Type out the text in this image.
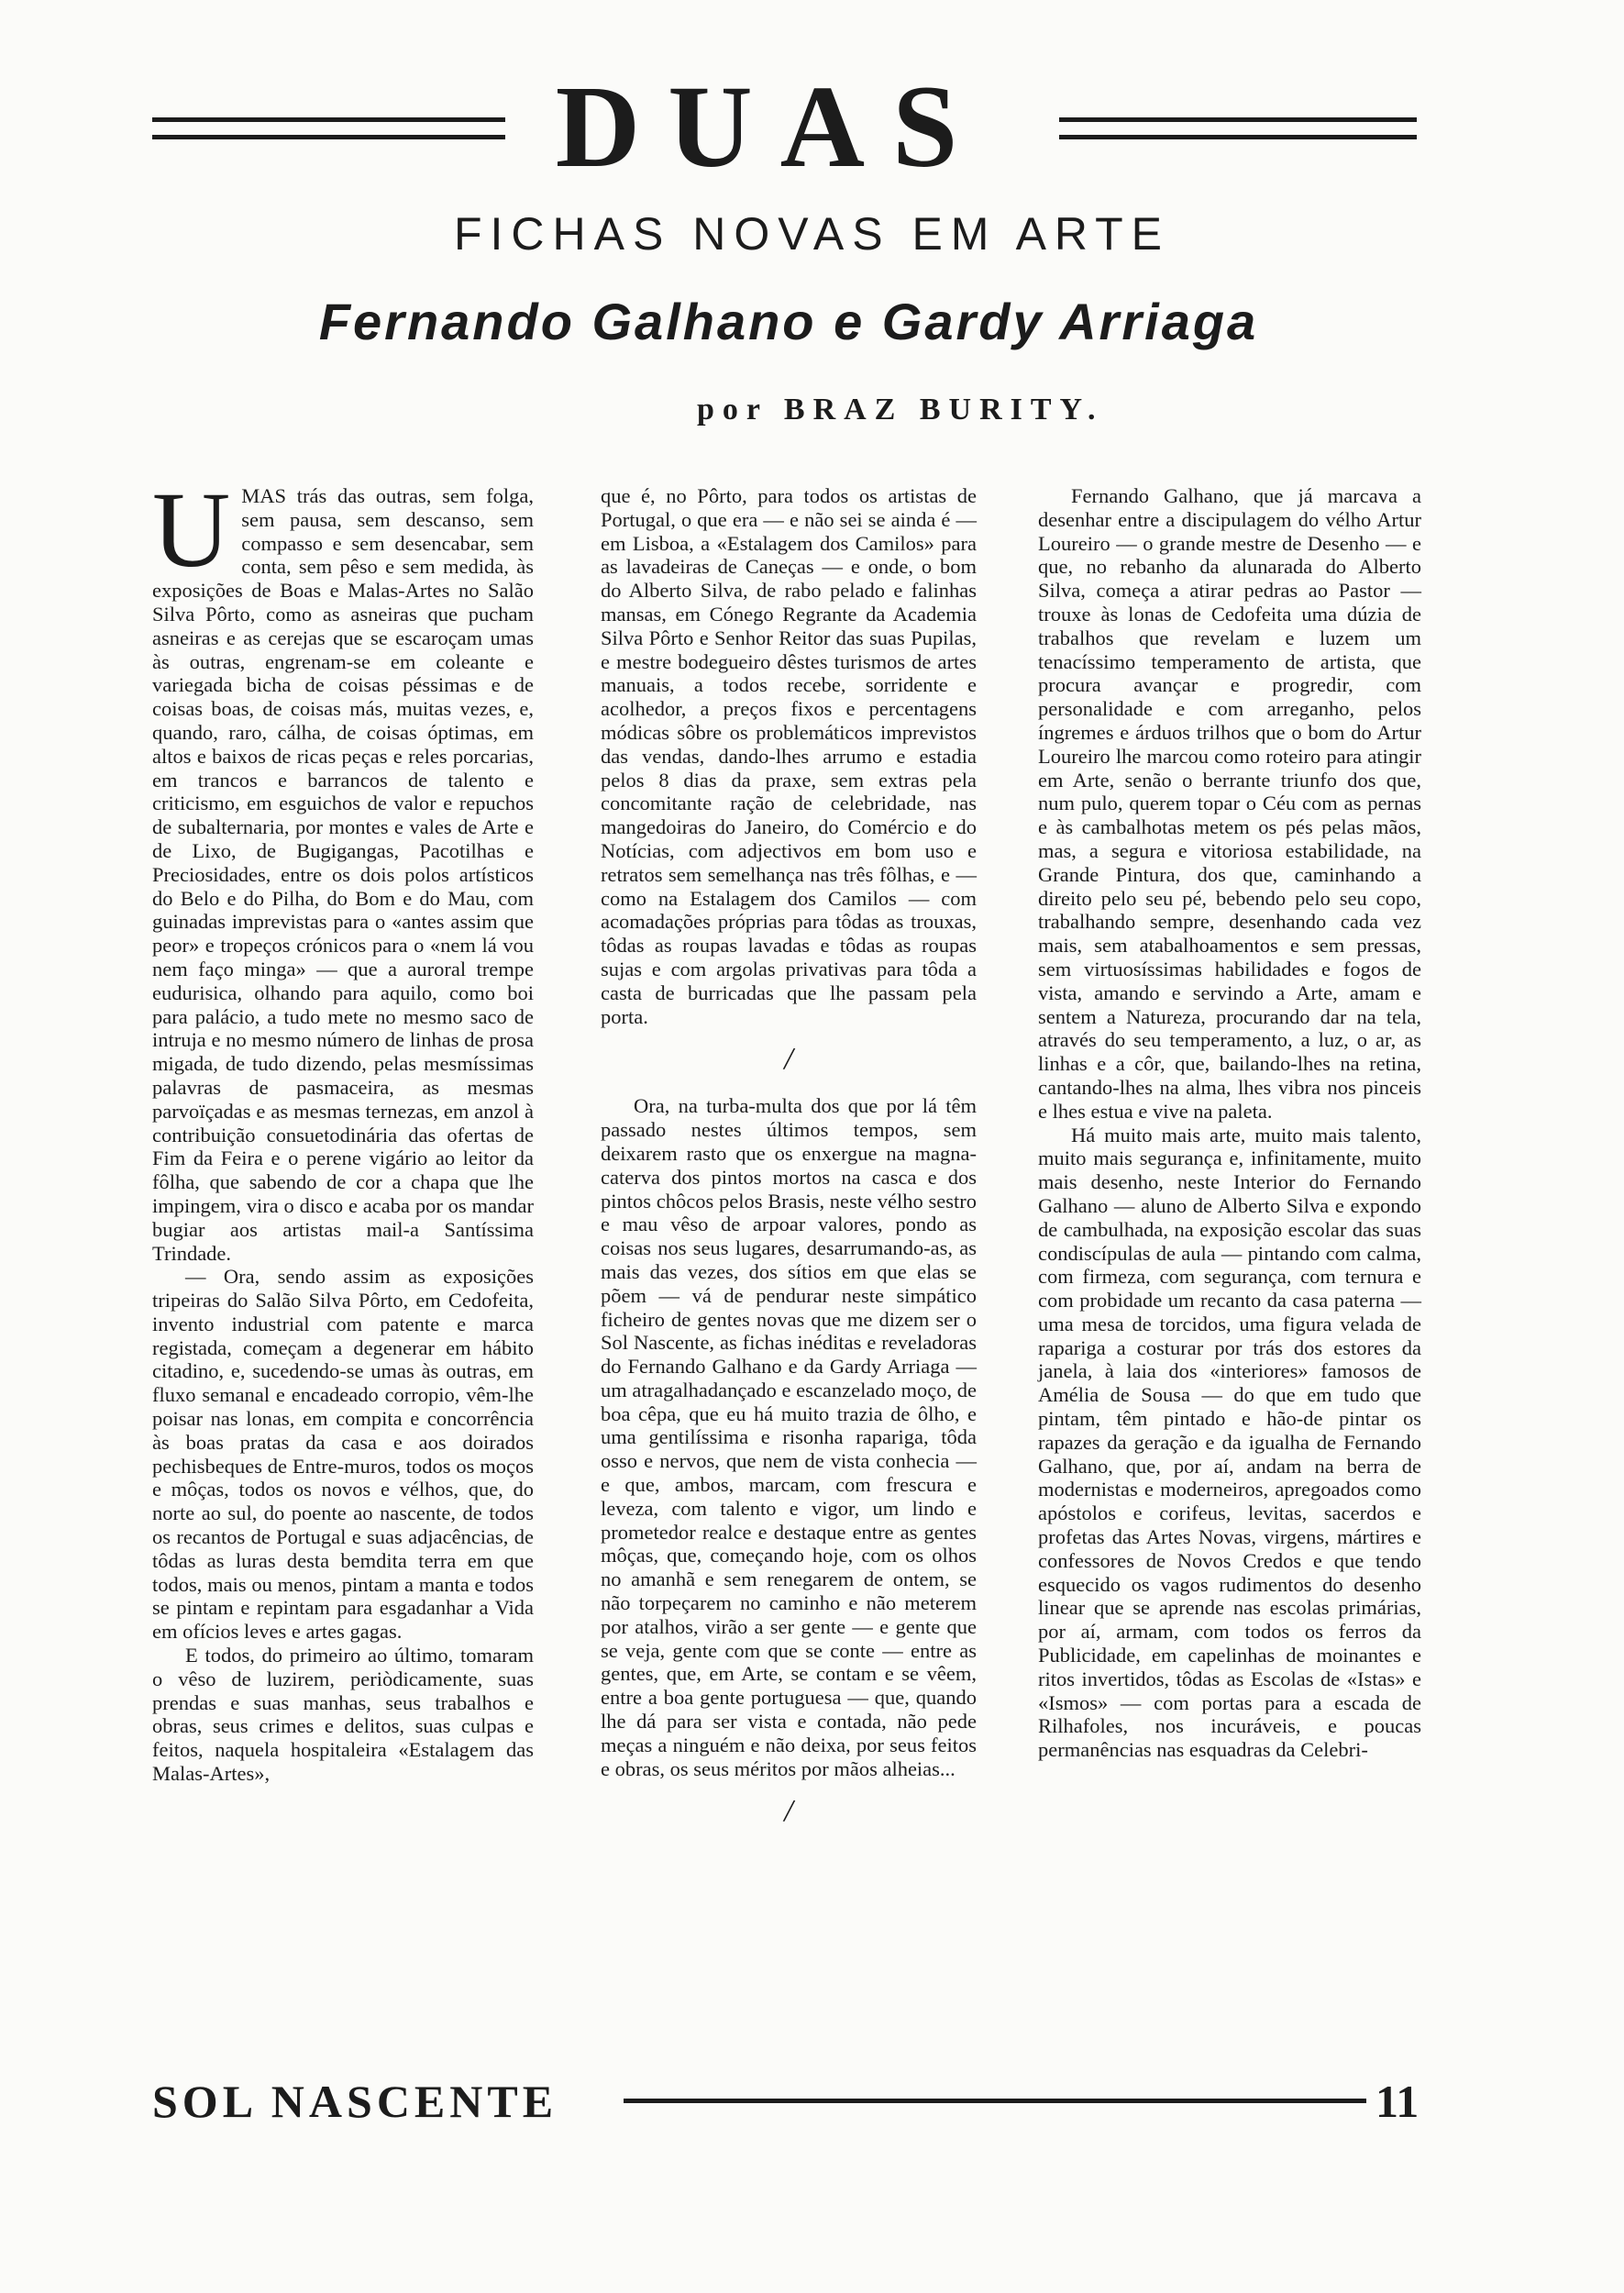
DUAS
FICHAS NOVAS EM ARTE
Fernando Galhano e Gardy Arriaga
por BRAZ BURITY.

UMAS trás das outras, sem folga, sem pausa, sem descanso, sem compasso e sem desencabar, sem conta, sem pêso e sem medida, às exposições de Boas e Malas-Artes no Salão Silva Pôrto, como as asneiras que pucham asneiras e as cerejas que se escaroçam umas às outras, engrenam-se em coleante e variegada bicha de coisas péssimas e de coisas boas, de coisas más, muitas vezes, e, quando, raro, cálha, de coisas óptimas, em altos e baixos de ricas peças e reles porcarias, em trancos e barrancos de talento e criticismo, em esguichos de valor e repuchos de subalternaria, por montes e vales de Arte e de Lixo, de Bugigangas, Pacotilhas e Preciosidades, entre os dois polos artísticos do Belo e do Pilha, do Bom e do Mau, com guinadas imprevistas para o «antes assim que peor» e tropeços crónicos para o «nem lá vou nem faço minga» — que a auroral trempe eudurisica, olhando para aquilo, como boi para palácio, a tudo mete no mesmo saco de intruja e no mesmo número de linhas de prosa migada, de tudo dizendo, pelas mesmíssimas palavras de pasmaceira, as mesmas parvoïçadas e as mesmas ternezas, em anzol à contribuição consuetodinária das ofertas de Fim da Feira e o perene vigário ao leitor da fôlha, que sabendo de cor a chapa que lhe impingem, vira o disco e acaba por os mandar bugiar aos artistas mail-a Santíssima Trindade.

— Ora, sendo assim as exposições tripeiras do Salão Silva Pôrto, em Cedofeita, invento industrial com patente e marca registada, começam a degenerar em hábito citadino, e, sucedendo-se umas às outras, em fluxo semanal e encadeado corropio, vêm-lhe poisar nas lonas, em compita e concorrência às boas pratas da casa e aos doirados pechisbeques de Entre-muros, todos os moços e môças, todos os novos e vélhos, que, do norte ao sul, do poente ao nascente, de todos os recantos de Portugal e suas adjacências, de tôdas as luras desta bemdita terra em que todos, mais ou menos, pintam a manta e todos se pintam e repintam para esgadanhar a Vida em ofícios leves e artes gagas.

E todos, do primeiro ao último, tomaram o vêso de luzirem, periòdicamente, suas prendas e suas manhas, seus trabalhos e obras, seus crimes e delitos, suas culpas e feitos, naquela hospitaleira «Estalagem das Malas-Artes»,

que é, no Pôrto, para todos os artistas de Portugal, o que era — e não sei se ainda é — em Lisboa, a «Estalagem dos Camilos» para as lavadeiras de Caneças — e onde, o bom do Alberto Silva, de rabo pelado e falinhas mansas, em Cónego Regrante da Academia Silva Pôrto e Senhor Reitor das suas Pupilas, e mestre bodegueiro dêstes turismos de artes manuais, a todos recebe, sorridente e acolhedor, a preços fixos e percentagens módicas sôbre os problemáticos imprevistos das vendas, dando-lhes arrumo e estadia pelos 8 dias da praxe, sem extras pela concomitante ração de celebridade, nas mangedoiras do Janeiro, do Comércio e do Notícias, com adjectivos em bom uso e retratos sem semelhança nas três fôlhas, e — como na Estalagem dos Camilos — com acomadações próprias para tôdas as trouxas, tôdas as roupas lavadas e tôdas as roupas sujas e com argolas privativas para tôda a casta de burricadas que lhe passam pela porta.

/

Ora, na turba-multa dos que por lá têm passado nestes últimos tempos, sem deixarem rasto que os enxergue na magna-caterva dos pintos mortos na casca e dos pintos chôcos pelos Brasis, neste vélho sestro e mau vêso de arpoar valores, pondo as coisas nos seus lugares, desarrumando-as, as mais das vezes, dos sítios em que elas se põem — vá de pendurar neste simpático ficheiro de gentes novas que me dizem ser o Sol Nascente, as fichas inéditas e reveladoras do Fernando Galhano e da Gardy Arriaga — um atragalhadançado e escanzelado moço, de boa cêpa, que eu há muito trazia de ôlho, e uma gentilíssima e risonha rapariga, tôda osso e nervos, que nem de vista conhecia — e que, ambos, marcam, com frescura e leveza, com talento e vigor, um lindo e prometedor realce e destaque entre as gentes môças, que, começando hoje, com os olhos no amanhã e sem renegarem de ontem, se não torpeçarem no caminho e não meterem por atalhos, virão a ser gente — e gente que se veja, gente com que se conte — entre as gentes, que, em Arte, se contam e se vêem, entre a boa gente portuguesa — que, quando lhe dá para ser vista e contada, não pede meças a ninguém e não deixa, por seus feitos e obras, os seus méritos por mãos alheias...

/

Fernando Galhano, que já marcava a desenhar entre a discipulagem do vélho Artur Loureiro — o grande mestre de Desenho — e que, no rebanho da alunarada do Alberto Silva, começa a atirar pedras ao Pastor — trouxe às lonas de Cedofeita uma dúzia de trabalhos que revelam e luzem um tenacíssimo temperamento de artista, que procura avançar e progredir, com personalidade e com arreganho, pelos íngremes e árduos trilhos que o bom do Artur Loureiro lhe marcou como roteiro para atingir em Arte, senão o berrante triunfo dos que, num pulo, querem topar o Céu com as pernas e às cambalhotas metem os pés pelas mãos, mas, a segura e vitoriosa estabilidade, na Grande Pintura, dos que, caminhando a direito pelo seu pé, bebendo pelo seu copo, trabalhando sempre, desenhando cada vez mais, sem atabalhoamentos e sem pressas, sem virtuosíssimas habilidades e fogos de vista, amando e servindo a Arte, amam e sentem a Natureza, procurando dar na tela, através do seu temperamento, a luz, o ar, as linhas e a côr, que, bailando-lhes na retina, cantando-lhes na alma, lhes vibra nos pinceis e lhes estua e vive na paleta.

Há muito mais arte, muito mais talento, muito mais segurança e, infinitamente, muito mais desenho, neste Interior do Fernando Galhano — aluno de Alberto Silva e expondo de cambulhada, na exposição escolar das suas condiscípulas de aula — pintando com calma, com firmeza, com segurança, com ternura e com probidade um recanto da casa paterna — uma mesa de torcidos, uma figura velada de rapariga a costurar por trás dos estores da janela, à laia dos «interiores» famosos de Amélia de Sousa — do que em tudo que pintam, têm pintado e hão-de pintar os rapazes da geração e da igualha de Fernando Galhano, que, por aí, andam na berra de modernistas e moderneiros, apregoados como apóstolos e corifeus, levitas, sacerdos e profetas das Artes Novas, virgens, mártires e confessores de Novos Credos e que tendo esquecido os vagos rudimentos do desenho linear que se aprende nas escolas primárias, por aí, armam, com todos os ferros da Publicidade, em capelinhas de moinantes e ritos invertidos, tôdas as Escolas de «Istas» e «Ismos» — com portas para a escada de Rilhafoles, nos incuráveis, e poucas permanências nas esquadras da Celebri-

SOL NASCENTE	11
